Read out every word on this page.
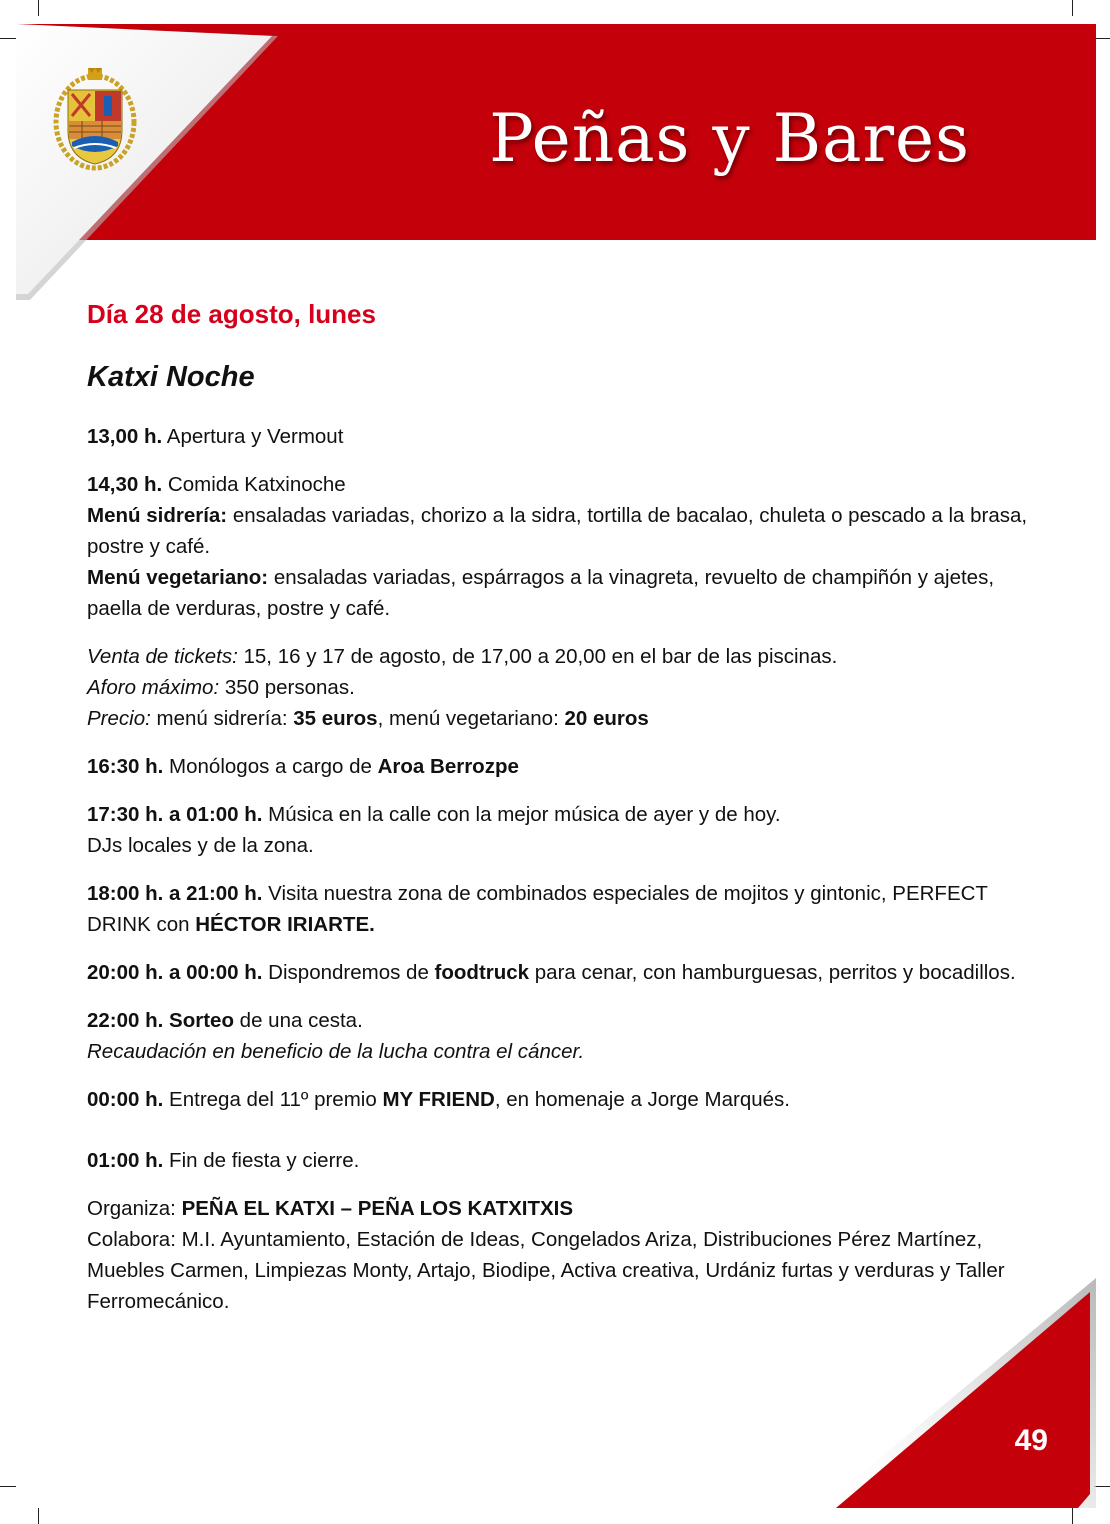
Peñas y Bares
Día 28 de agosto, lunes
Katxi Noche
13,00 h. Apertura y Vermout
14,30 h. Comida Katxinoche
Menú sidrería: ensaladas variadas, chorizo a la sidra, tortilla de bacalao, chuleta o pescado a la brasa, postre y café.
Menú vegetariano: ensaladas variadas, espárragos a la vinagreta, revuelto de champiñón y ajetes, paella de verduras, postre y café.
Venta de tickets: 15, 16 y 17 de agosto, de 17,00 a 20,00 en el bar de las piscinas.
Aforo máximo: 350 personas.
Precio: menú sidrería: 35 euros, menú vegetariano: 20 euros
16:30 h. Monólogos a cargo de Aroa Berrozpe
17:30 h. a 01:00 h. Música en la calle con la mejor música de ayer y de hoy.
DJs locales y de la zona.
18:00 h. a 21:00 h. Visita nuestra zona de combinados especiales de mojitos y gintonic, PERFECT DRINK con HÉCTOR IRIARTE.
20:00 h. a 00:00 h. Dispondremos de foodtruck para cenar, con hamburguesas, perritos y bocadillos.
22:00 h. Sorteo de una cesta.
Recaudación en beneficio de la lucha contra el cáncer.
00:00 h. Entrega del 11º premio MY FRIEND, en homenaje a Jorge Marqués.
01:00 h. Fin de fiesta y cierre.
Organiza: PEÑA EL KATXI – PEÑA LOS KATXITXIS
Colabora: M.I. Ayuntamiento, Estación de Ideas, Congelados Ariza, Distribuciones Pérez Martínez, Muebles Carmen, Limpiezas Monty, Artajo, Biodipe, Activa creativa, Urdániz furtas y verduras y Taller Ferromecánico.
49
